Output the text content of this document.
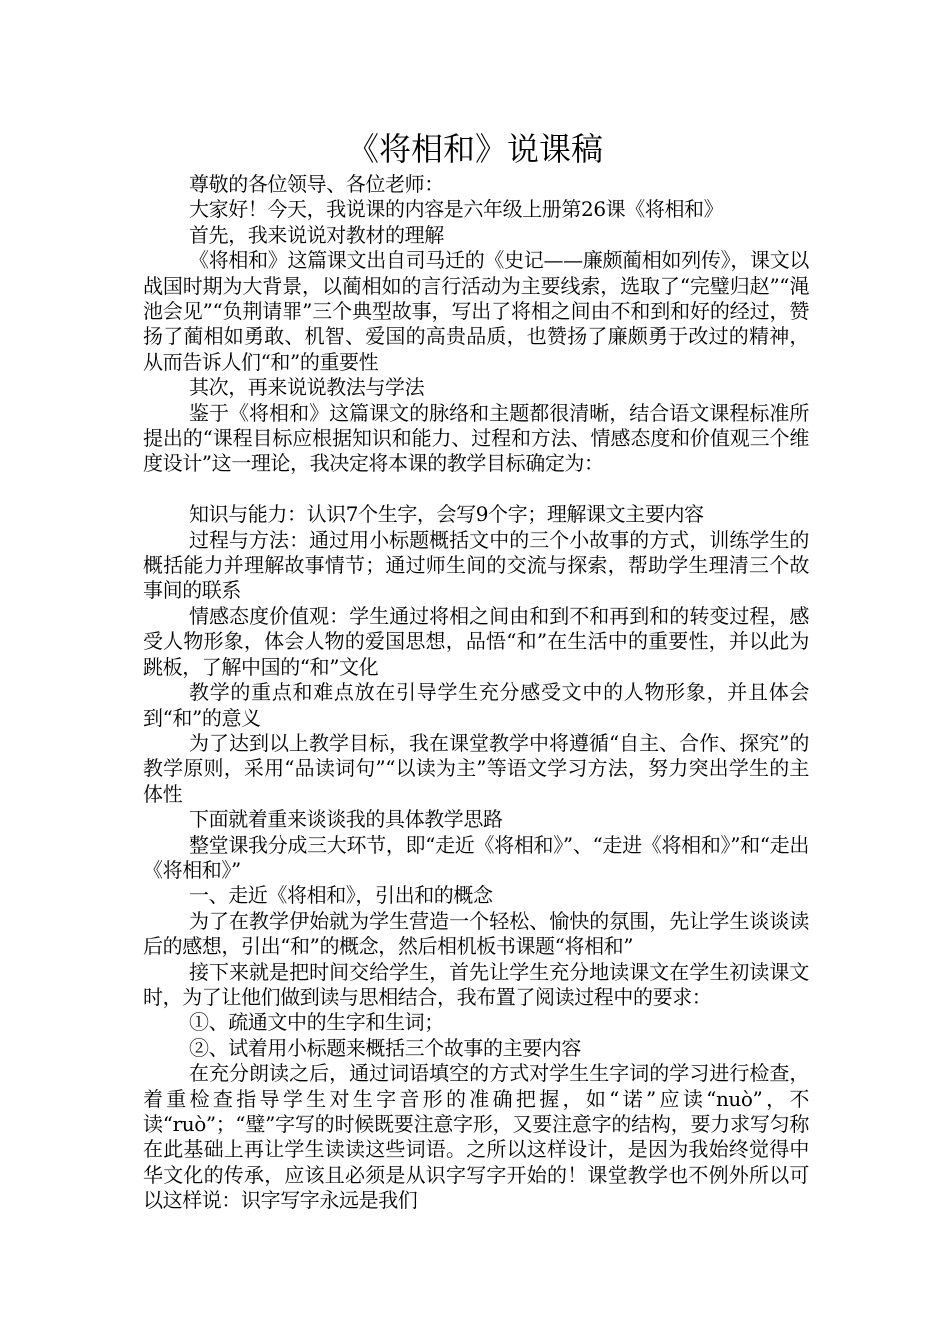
《将相和》说课稿

尊敬的各位领导、各位老师：

大家好！今天，我说课的内容是六年级上册第26课《将相和》

首先，我来说说对教材的理解

《将相和》这篇课文出自司马迁的《史记——廉颇蔺相如列传》，课文以战国时期为大背景，以蔺相如的言行活动为主要线索，选取了“完璧归赵”“渑池会见”“负荆请罪”三个典型故事，写出了将相之间由不和到和好的经过，赞扬了蔺相如勇敢、机智、爱国的高贵品质，也赞扬了廉颇勇于改过的精神，从而告诉人们“和”的重要性

其次，再来说说教法与学法

鉴于《将相和》这篇课文的脉络和主题都很清晰，结合语文课程标准所提出的“课程目标应根据知识和能力、过程和方法、情感态度和价值观三个维度设计”这一理论，我决定将本课的教学目标确定为：

知识与能力：认识7个生字，会写9个字；理解课文主要内容

过程与方法：通过用小标题概括文中的三个小故事的方式，训练学生的概括能力并理解故事情节；通过师生间的交流与探索，帮助学生理清三个故事间的联系

情感态度价值观：学生通过将相之间由和到不和再到和的转变过程，感受人物形象，体会人物的爱国思想，品悟“和”在生活中的重要性，并以此为跳板，了解中国的“和”文化

教学的重点和难点放在引导学生充分感受文中的人物形象，并且体会到“和”的意义

为了达到以上教学目标，我在课堂教学中将遵循“自主、合作、探究”的教学原则，采用“品读词句”“以读为主”等语文学习方法，努力突出学生的主体性

下面就着重来谈谈我的具体教学思路

整堂课我分成三大环节，即“走近《将相和》”、“走进《将相和》”和“走出《将相和》”

一、走近《将相和》，引出和的概念

为了在教学伊始就为学生营造一个轻松、愉快的氛围，先让学生谈谈读后的感想，引出“和”的概念，然后相机板书课题“将相和”

接下来就是把时间交给学生，首先让学生充分地读课文在学生初读课文时，为了让他们做到读与思相结合，我布置了阅读过程中的要求：

①、疏通文中的生字和生词；

②、试着用小标题来概括三个故事的主要内容

在充分朗读之后，通过词语填空的方式对学生生字词的学习进行检查，着重检查指导学生对生字音形的准确把握，如“诺”应读“nuò”，不读“ruò”；“璧”字写的时候既要注意字形，又要注意字的结构，要力求写匀称在此基础上再让学生读读这些词语。之所以这样设计，是因为我始终觉得中华文化的传承，应该且必须是从识字写字开始的！课堂教学也不例外所以可以这样说：识字写字永远是我们
